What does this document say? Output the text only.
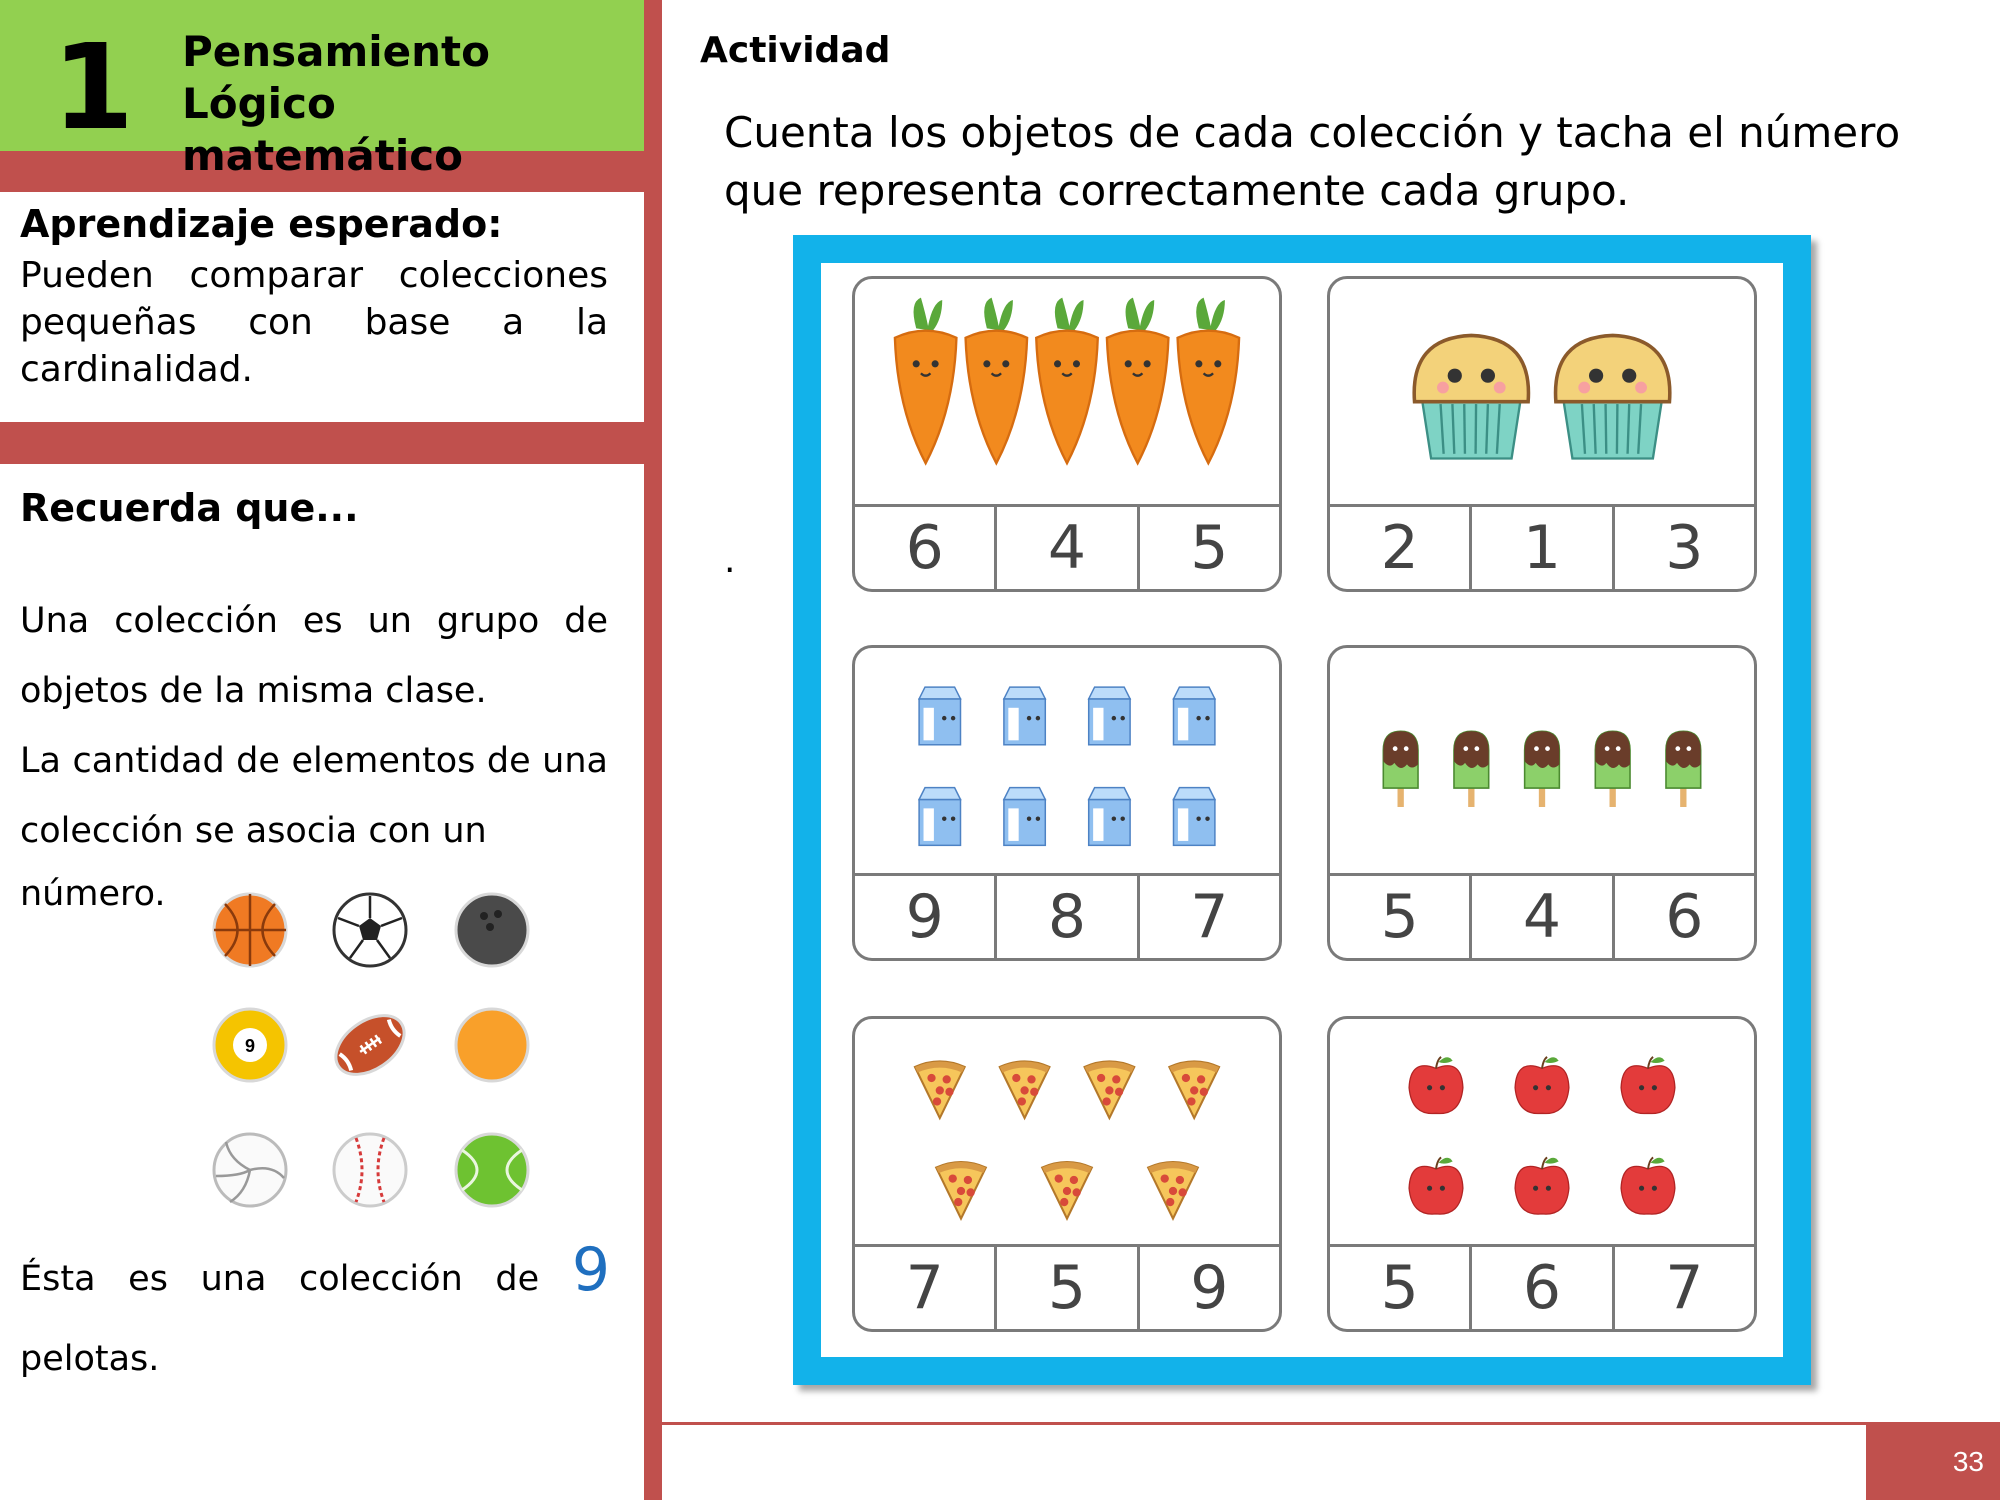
1 Pensamiento Lógico
matemático
Aprendizaje esperado:
Pueden comparar colecciones pequeñas con base a la cardinalidad.
Recuerda que...
Una colección es un grupo de objetos de la misma clase.
La cantidad de elementos de una colección se asocia con un
número.
9
Ésta es una colección de 9 pelotas.
Actividad
Cuenta los objetos de cada colección y tacha el número que representa correctamente cada grupo.
.	6	4	5	2	1	3
9	8	7	5	4	6
7	5	9	5	6	7
33
